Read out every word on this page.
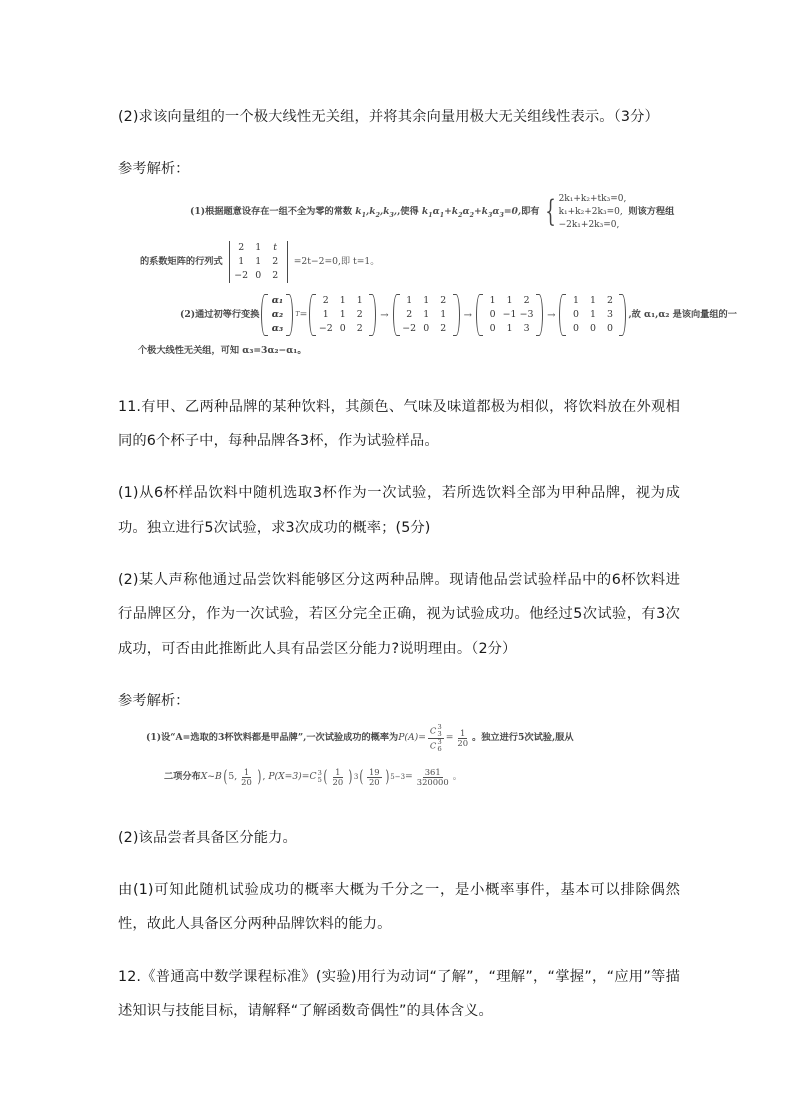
(2)求该向量组的一个极大线性无关组，并将其余向量用极大无关组线性表示。（3分）

参考解析：

(1)根据题意设存在一组不全为零的常数 $k_1,k_2,k_3$, ,使得 $k_1\alpha_1+k_2\alpha_2+k_3\alpha_3=0$, 即有 { 2k₁+k₂+tk₃=0,
k₁+k₂+2k₃=0,
−2k₁+2k₃=0,
则该方程组
的系数矩阵的行列式
2	1	t
1	1	2
−2 0	2
=2t−2=0,即 t=1。
(2)通过初等行变换
α₁
α₂
α₃
T =
2	1	1
1	1	2
−2 0	2
→
1	1	2
2	1	1
−2 0	2
→
1	1	2
0 −1 −3
0	1	3
→
1	1	2
0	1	3
0	0	0
,故 α₁,α₂ 是该向量组的一
个极大线性无关组，可知 α₃=3α₂−α₁。

11.有甲、乙两种品牌的某种饮料，其颜色、气味及味道都极为相似，将饮料放在外观相同的6个杯子中，每种品牌各3杯，作为试验样品。

(1)从6杯样品饮料中随机选取3杯作为一次试验，若所选饮料全部为甲种品牌，视为成功。独立进行5次试验，求3次成功的概率；(5分)

(2)某人声称他通过品尝饮料能够区分这两种品牌。现请他品尝试验样品中的6杯饮料进行品牌区分，作为一次试验，若区分完全正确，视为试验成功。他经过5次试验，有3次成功，可否由此推断此人具有品尝区分能力?说明理由。（2分）

参考解析：

(1)设“A=选取的3杯饮料都是甲品牌”,一次试验成功的概率为 P(A)= C 3
3
C 3
$6 = \frac{1}{20}$ 。独立进行5次试验,服从
二项分布 X~B ( 5, $\frac{1}{20}$ ) , P(X=3)=C 3
5 ( $\frac{1}{20}$ ) 3 ( $\frac{19}{20}$ ) $5-3 = \frac{361}{320000}$ 。

(2)该品尝者具备区分能力。

由(1)可知此随机试验成功的概率大概为千分之一，是小概率事件，基本可以排除偶然性，故此人具备区分两种品牌饮料的能力。

12.《普通高中数学课程标准》(实验)用行为动词“了解”，“理解”，“掌握”，“应用”等描述知识与技能目标，请解释“了解函数奇偶性”的具体含义。
